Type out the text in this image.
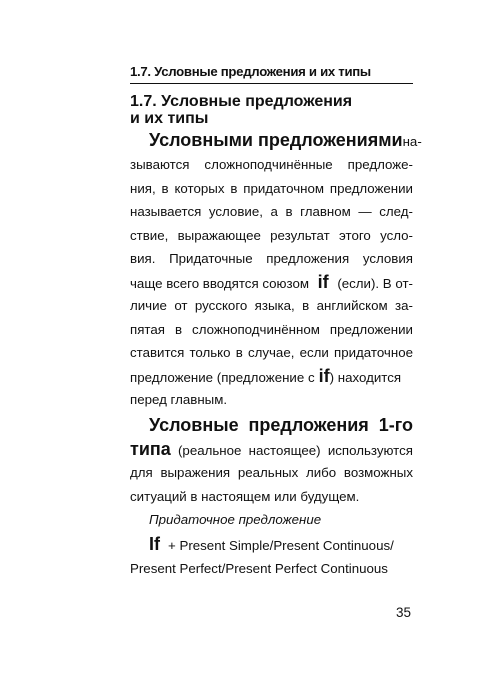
1.7. Условные предложения и их типы
1.7. Условные предложения
и их типы
Условными предложениями на-
зываются сложноподчинённые предложе-
ния, в которых в придаточном предложении
называется условие, а в главном — след-
ствие, выражающее результат этого усло-
вия. Придаточные предложения условия
чаще всего вводятся союзом if (если). В от-
личие от русского языка, в английском за-
пятая в сложноподчинённом предложении
ставится только в случае, если придаточное
предложение (предложение с if ) находится
перед главным.
Условные предложения 1-го
типа (реальное настоящее) используются
для выражения реальных либо возможных
ситуаций в настоящем или будущем.
Придаточное предложение
If + Present Simple/Present Continuous/
Present Perfect/Present Perfect Continuous
35
